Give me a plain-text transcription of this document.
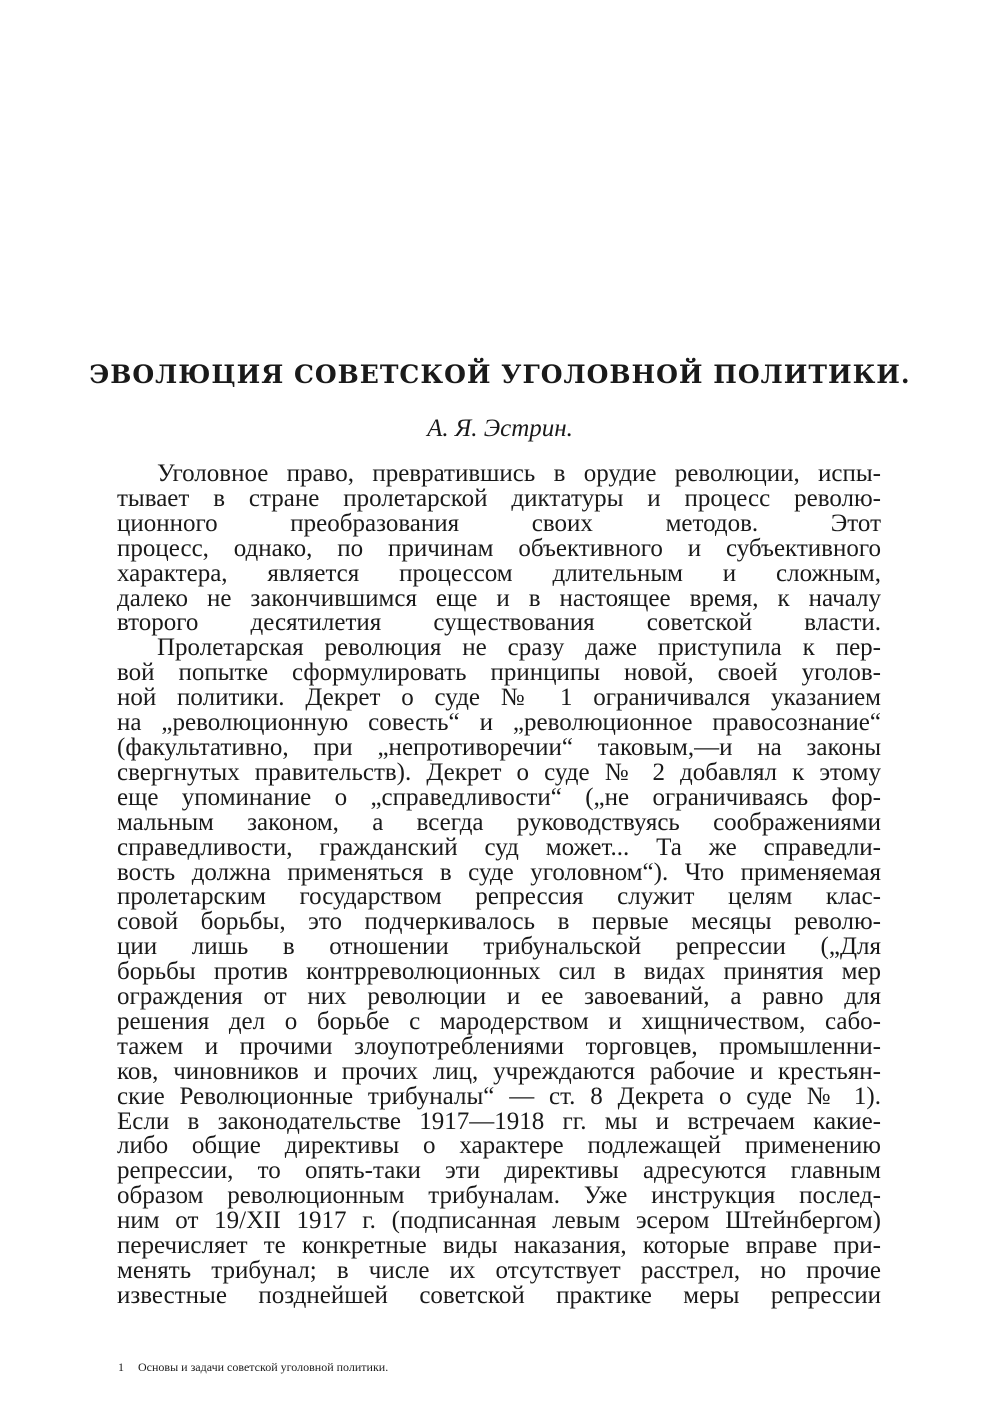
ЭВОЛЮЦИЯ СОВЕТСКОЙ УГОЛОВНОЙ ПОЛИТИКИ.
А. Я. Эстрин.
Уголовное право, превратившись в орудие революции, испы-
тывает в стране пролетарской диктатуры и процесс револю-
ционного преобразования своих методов. Этот
процесс, однако, по причинам объективного и субъективного
характера, является процессом длительным и сложным,
далеко не закончившимся еще и в настоящее время, к началу
второго десятилетия существования советской власти.
Пролетарская революция не сразу даже приступила к пер-
вой попытке сформулировать принципы новой, своей уголов-
ной политики. Декрет о суде № 1 ограничивался указанием
на „революционную совесть“ и „революционное правосознание“
(факультативно, при „непротиворечии“ таковым,—и на законы
свергнутых правительств). Декрет о суде № 2 добавлял к этому
еще упоминание о „справедливости“ („не ограничиваясь фор-
мальным законом, а всегда руководствуясь соображениями
справедливости, гражданский суд может... Та же справедли-
вость должна применяться в суде уголовном“). Что применяемая
пролетарским государством репрессия служит целям клас-
совой борьбы, это подчеркивалось в первые месяцы револю-
ции лишь в отношении трибунальской репрессии („Для
борьбы против контрреволюционных сил в видах принятия мер
ограждения от них революции и ее завоеваний, а равно для
решения дел о борьбе с мародерством и хищничеством, сабо-
тажем и прочими злоупотреблениями торговцев, промышленни-
ков, чиновников и прочих лиц, учреждаются рабочие и крестьян-
ские Революционные трибуналы“ — ст. 8 Декрета о суде № 1).
Если в законодательстве 1917—1918 гг. мы и встречаем какие-
либо общие директивы о характере подлежащей применению
репрессии, то опять-таки эти директивы адресуются главным
образом революционным трибуналам. Уже инструкция послед-
ним от 19/XII 1917 г. (подписанная левым эсером Штейнбергом)
перечисляет те конкретные виды наказания, которые вправе при-
менять трибунал; в числе их отсутствует расстрел, но прочие
известные позднейшей советской практике меры репрессии
1 Основы и задачи советской уголовной политики.
